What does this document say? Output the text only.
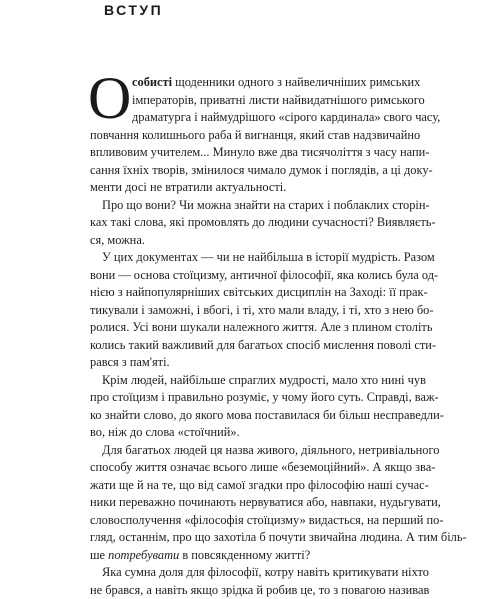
ВСТУП
О собисті щоденники одного з найвеличніших римських
імператорів, приватні листи найвидатнішого римського
драматурга і наймудрішого «сірого кардинала» свого часу,
повчання колишнього раба й вигнанця, який став надзвичайно
впливовим учителем... Минуло вже два тисячоліття з часу напи-
сання їхніх творів, змінилося чимало думок і поглядів, а ці доку-
менти досі не втратили актуальності.
Про що вони? Чи можна знайти на старих і поблаклих сторін-
ках такі слова, які промовлять до людини сучасності? Виявляєть-
ся, можна.
У цих документах — чи не найбільша в історії мудрість. Разом
вони — основа стоїцизму, античної філософії, яка колись була од-
нією з найпопулярніших світських дисциплін на Заході: її прак-
тикували і заможні, і вбогі, і ті, хто мали владу, і ті, хто з нею бо-
ролися. Усі вони шукали належного життя. Але з плином століть
колись такий важливий для багатьох спосіб мислення поволі сти-
рався з пам'яті.
Крім людей, найбільше спраглих мудрості, мало хто нині чув
про стоїцизм і правильно розуміє, у чому його суть. Справді, важ-
ко знайти слово, до якого мова поставилася би більш несправедли-
во, ніж до слова «стоїчний».
Для багатьох людей ця назва живого, діяльного, нетривіального
способу життя означає всього лише «беземоційний». А якщо зва-
жати ще й на те, що від самої згадки про філософію наші сучас-
ники переважно починають нервуватися або, навпаки, нудьгувати,
словосполучення «філософія стоїцизму» видасться, на перший по-
гляд, останнім, про що захотіла б почути звичайна людина. А тим біль-
ше потребувати в повсякденному житті?
Яка сумна доля для філософії, котру навіть критикувати ніхто
не брався, а навіть якщо зрідка й робив це, то з повагою називав
